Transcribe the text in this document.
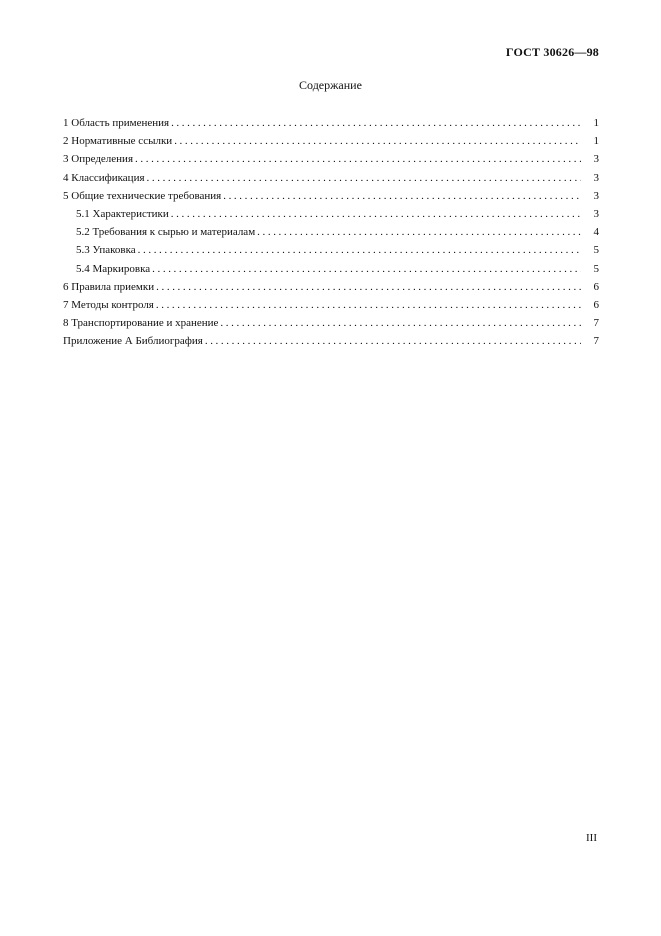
ГОСТ 30626—98
Содержание
1 Область применения .....	1
2 Нормативные ссылки .....	1
3 Определения .....	3
4 Классификация .....	3
5 Общие технические требования .....	3
5.1 Характеристики .....	3
5.2 Требования к сырью и материалам .....	4
5.3 Упаковка .....	5
5.4 Маркировка .....	5
6 Правила приемки .....	6
7 Методы контроля .....	6
8 Транспортирование и хранение .....	7
Приложение А Библиография .....	7
III
